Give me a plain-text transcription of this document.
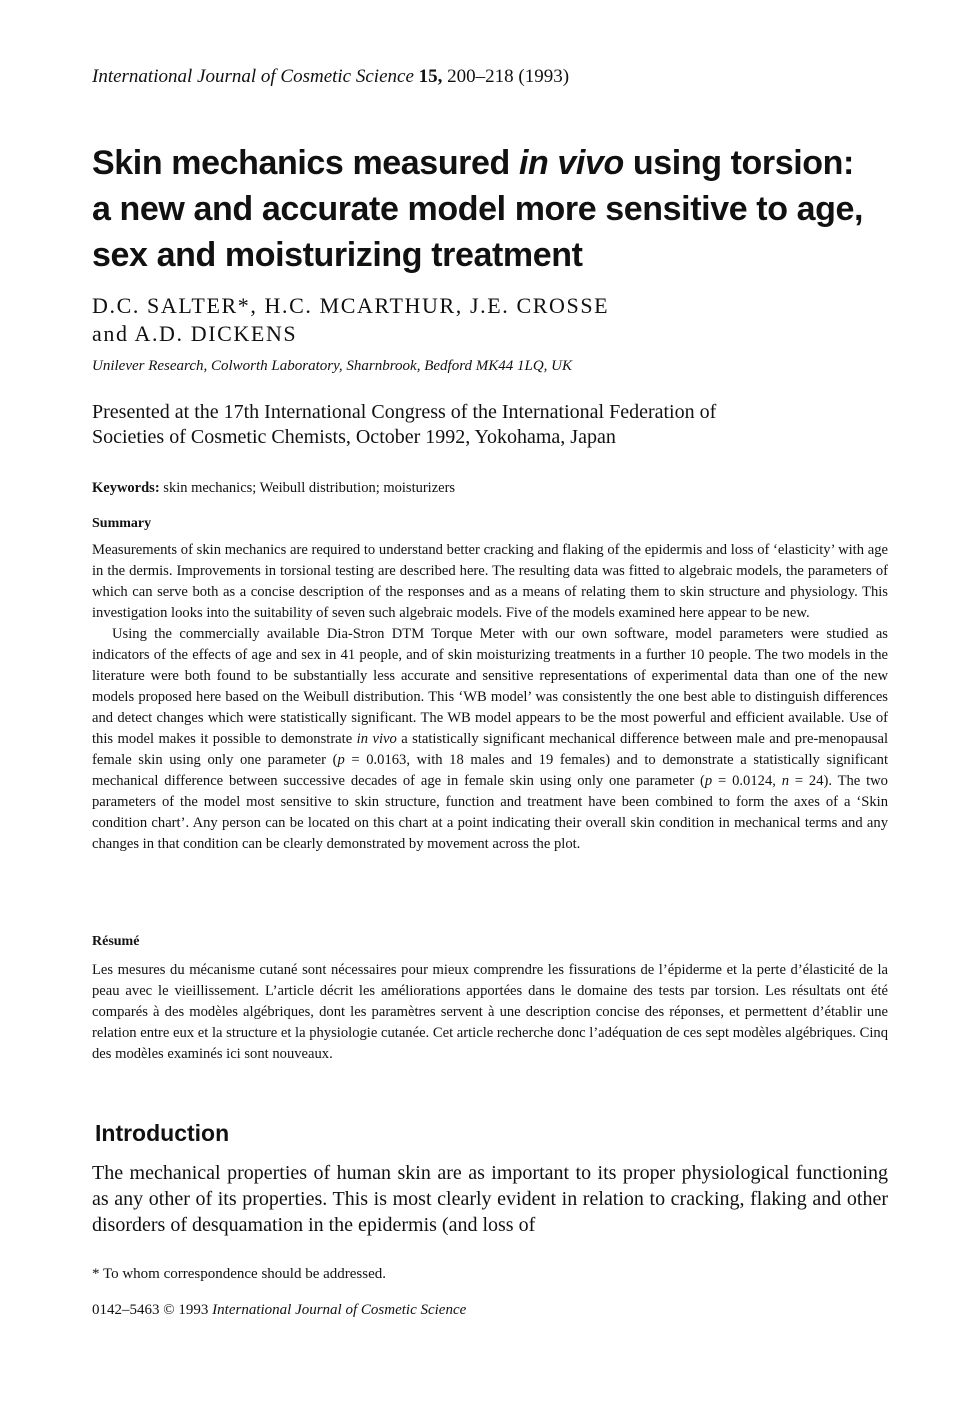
International Journal of Cosmetic Science 15, 200–218 (1993)
Skin mechanics measured in vivo using torsion:
a new and accurate model more sensitive to age,
sex and moisturizing treatment
D.C. SALTER*, H.C. MCARTHUR, J.E. CROSSE
and A.D. DICKENS
Unilever Research, Colworth Laboratory, Sharnbrook, Bedford MK44 1LQ, UK
Presented at the 17th International Congress of the International Federation of
Societies of Cosmetic Chemists, October 1992, Yokohama, Japan
Keywords: skin mechanics; Weibull distribution; moisturizers
Summary

Measurements of skin mechanics are required to understand better cracking and flaking of the epidermis and loss of ‘elasticity’ with age in the dermis. Improvements in torsional testing are described here. The resulting data was fitted to algebraic models, the parameters of which can serve both as a concise description of the responses and as a means of relating them to skin structure and physiology. This investigation looks into the suitability of seven such algebraic models. Five of the models examined here appear to be new.

Using the commercially available Dia-Stron DTM Torque Meter with our own software, model parameters were studied as indicators of the effects of age and sex in 41 people, and of skin moisturizing treatments in a further 10 people. The two models in the literature were both found to be substantially less accurate and sensitive representations of experimental data than one of the new models proposed here based on the Weibull distribution. This ‘WB model’ was consistently the one best able to distinguish differences and detect changes which were statistically significant. The WB model appears to be the most powerful and efficient available. Use of this model makes it possible to demonstrate in vivo a statistically significant mechanical difference between male and pre-menopausal female skin using only one parameter (p = 0.0163, with 18 males and 19 females) and to demonstrate a statistically significant mechanical difference between successive decades of age in female skin using only one parameter (p = 0.0124, n = 24). The two parameters of the model most sensitive to skin structure, function and treatment have been combined to form the axes of a ‘Skin condition chart’. Any person can be located on this chart at a point indicating their overall skin condition in mechanical terms and any changes in that condition can be clearly demonstrated by movement across the plot.

Résumé

Les mesures du mécanisme cutané sont nécessaires pour mieux comprendre les fissurations de l’épiderme et la perte d’élasticité de la peau avec le vieillissement. L’article décrit les améliorations apportées dans le domaine des tests par torsion. Les résultats ont été comparés à des modèles algébriques, dont les paramètres servent à une description concise des réponses, et permettent d’établir une relation entre eux et la structure et la physiologie cutanée. Cet article recherche donc l’adéquation de ces sept modèles algébriques. Cinq des modèles examinés ici sont nouveaux.

Introduction

The mechanical properties of human skin are as important to its proper physiological functioning as any other of its properties. This is most clearly evident in relation to cracking, flaking and other disorders of desquamation in the epidermis (and loss of

* To whom correspondence should be addressed.
0142–5463 © 1993 International Journal of Cosmetic Science
